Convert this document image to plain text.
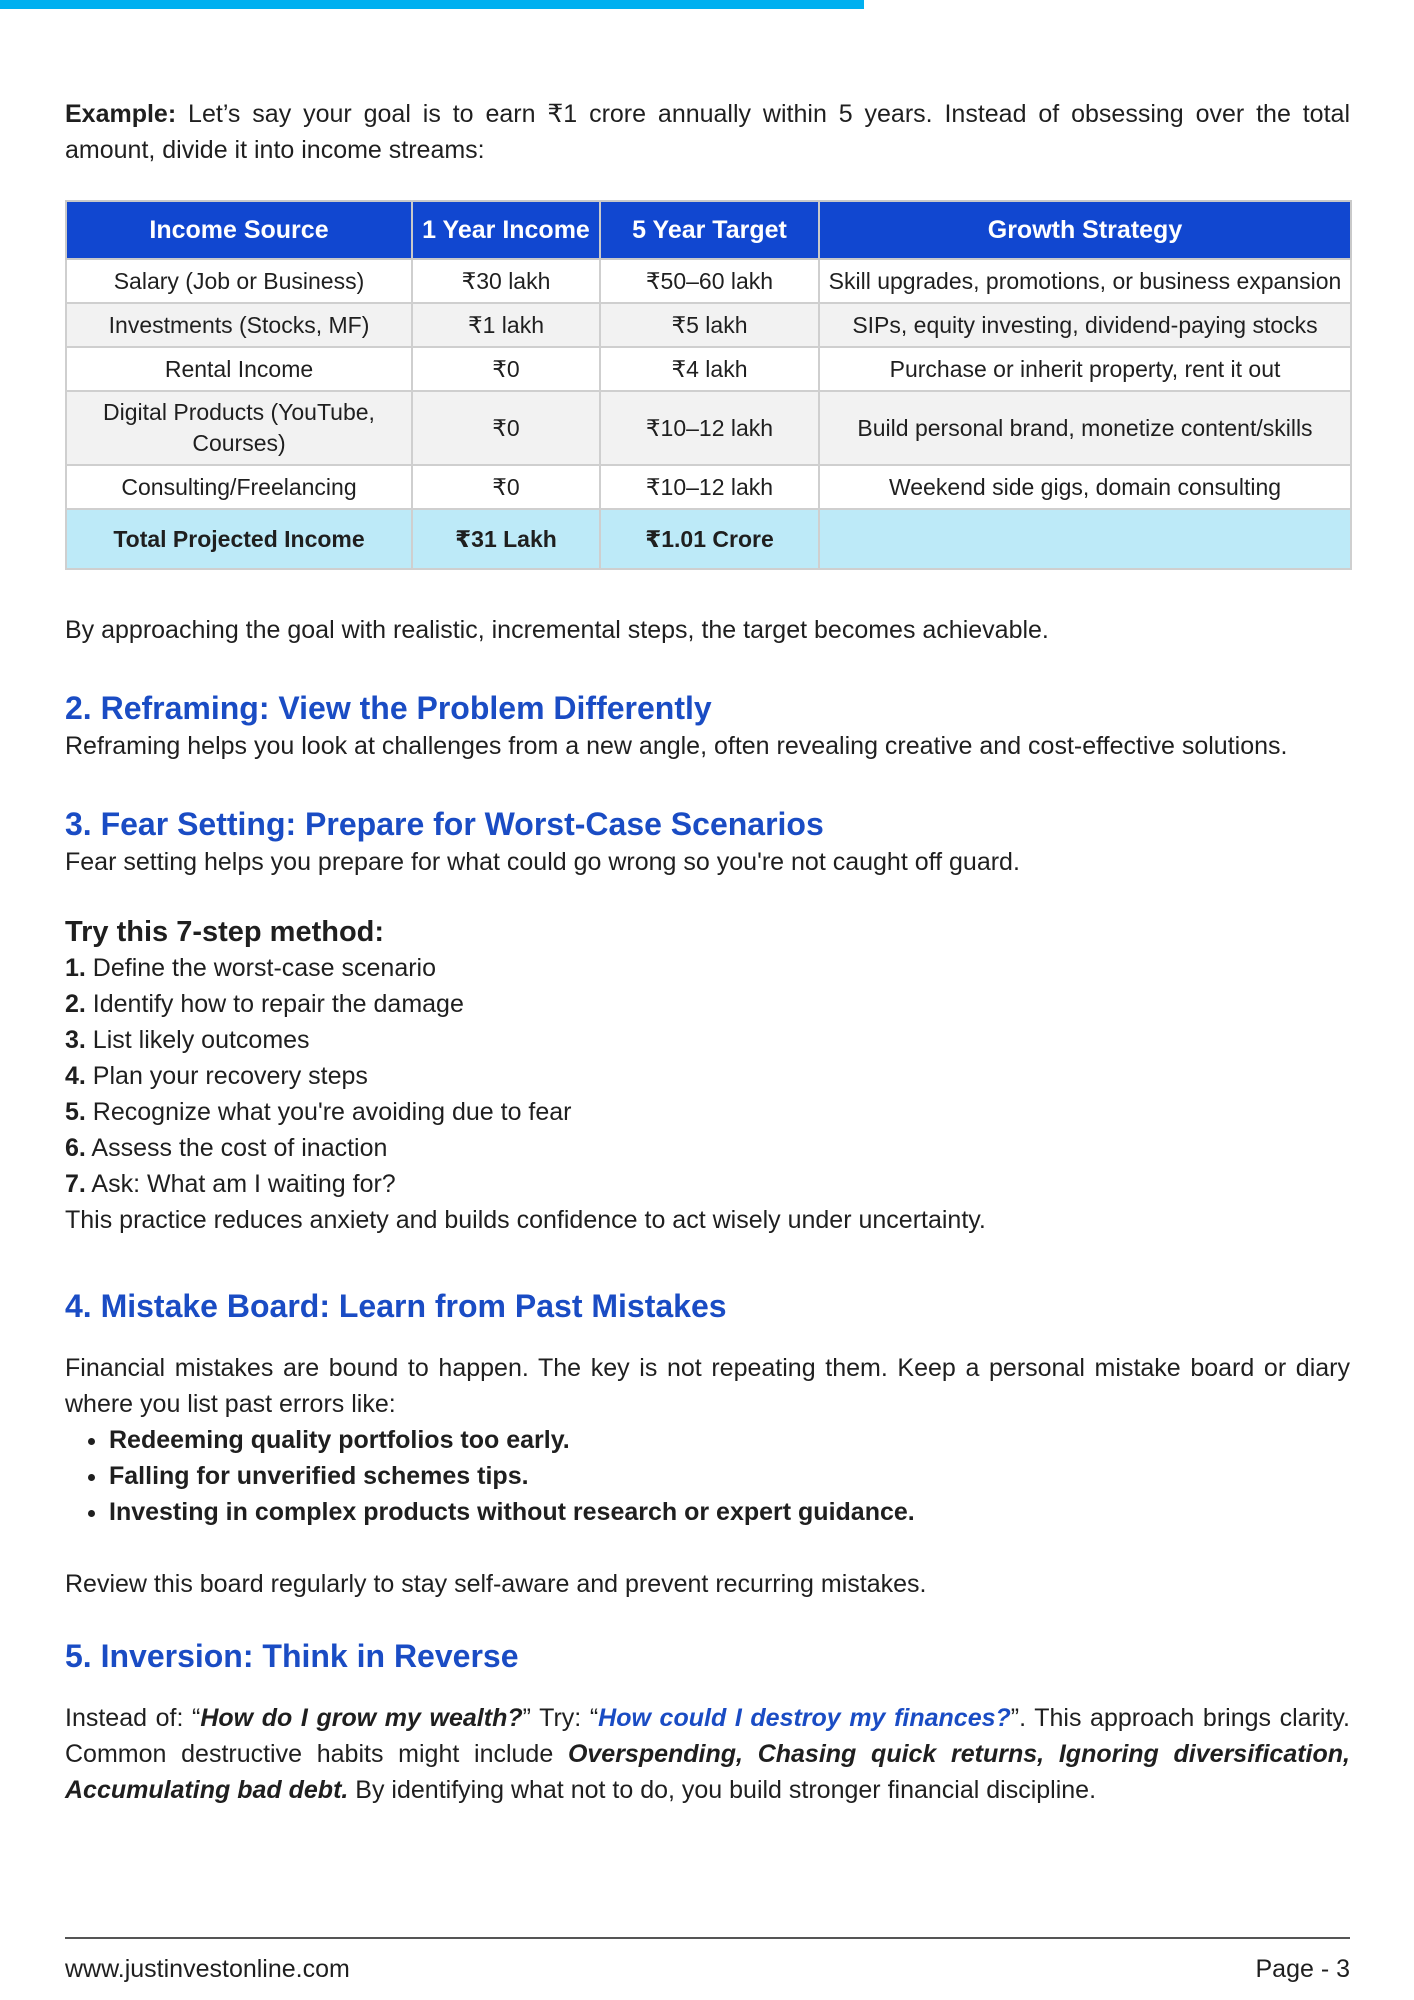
Example: Let’s say your goal is to earn ₹1 crore annually within 5 years. Instead of obsessing over the total amount, divide it into income streams:

Income Source	1 Year Income	5 Year Target	Growth Strategy
Salary (Job or Business)	₹30 lakh	₹50–60 lakh	Skill upgrades, promotions, or business expansion
Investments (Stocks, MF)	₹1 lakh	₹5 lakh	SIPs, equity investing, dividend-paying stocks
Rental Income	₹0	₹4 lakh	Purchase or inherit property, rent it out
Digital Products (YouTube, Courses)	₹0	₹10–12 lakh	Build personal brand, monetize content/skills
Consulting/Freelancing	₹0	₹10–12 lakh	Weekend side gigs, domain consulting
Total Projected Income	₹31 Lakh	₹1.01 Crore	

By approaching the goal with realistic, incremental steps, the target becomes achievable.

2. Reframing: View the Problem Differently

Reframing helps you look at challenges from a new angle, often revealing creative and cost-effective solutions.

3. Fear Setting: Prepare for Worst-Case Scenarios

Fear setting helps you prepare for what could go wrong so you're not caught off guard.

Try this 7-step method:
1. Define the worst-case scenario
2. Identify how to repair the damage
3. List likely outcomes
4. Plan your recovery steps
5. Recognize what you're avoiding due to fear
6. Assess the cost of inaction
7. Ask: What am I waiting for?

This practice reduces anxiety and builds confidence to act wisely under uncertainty.

4. Mistake Board: Learn from Past Mistakes

Financial mistakes are bound to happen. The key is not repeating them. Keep a personal mistake board or diary where you list past errors like:

• Redeeming quality portfolios too early.
• Falling for unverified schemes tips.
• Investing in complex products without research or expert guidance.

Review this board regularly to stay self-aware and prevent recurring mistakes.

5. Inversion: Think in Reverse

Instead of: “How do I grow my wealth?” Try: “How could I destroy my finances?”. This approach brings clarity. Common destructive habits might include Overspending, Chasing quick returns, Ignoring diversification, Accumulating bad debt. By identifying what not to do, you build stronger financial discipline.

www.justinvestonline.com	Page - 3
